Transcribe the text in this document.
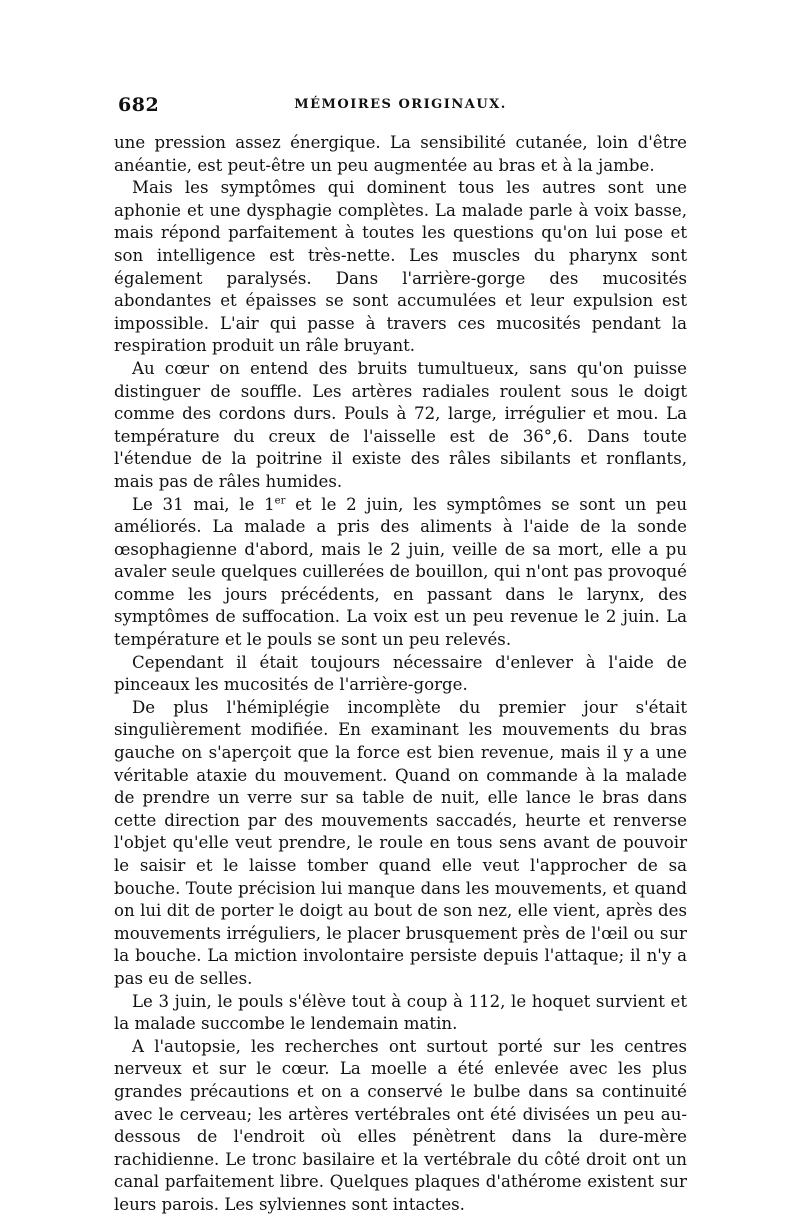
682	MÉMOIRES ORIGINAUX.

une pression assez énergique. La sensibilité cutanée, loin d'être anéantie, est peut-être un peu augmentée au bras et à la jambe.

Mais les symptômes qui dominent tous les autres sont une aphonie et une dysphagie complètes. La malade parle à voix basse, mais répond parfaitement à toutes les questions qu'on lui pose et son intelligence est très-nette. Les muscles du pharynx sont également paralysés. Dans l'arrière-gorge des mucosités abondantes et épaisses se sont accumulées et leur expulsion est impossible. L'air qui passe à travers ces mucosités pendant la respiration produit un râle bruyant.

Au cœur on entend des bruits tumultueux, sans qu'on puisse distinguer de souffle. Les artères radiales roulent sous le doigt comme des cordons durs. Pouls à 72, large, irrégulier et mou. La température du creux de l'aisselle est de 36°,6. Dans toute l'étendue de la poitrine il existe des râles sibilants et ronflants, mais pas de râles humides.

Le 31 mai, le 1er et le 2 juin, les symptômes se sont un peu améliorés. La malade a pris des aliments à l'aide de la sonde œsophagienne d'abord, mais le 2 juin, veille de sa mort, elle a pu avaler seule quelques cuillerées de bouillon, qui n'ont pas provoqué comme les jours précédents, en passant dans le larynx, des symptômes de suffocation. La voix est un peu revenue le 2 juin. La température et le pouls se sont un peu relevés.

Cependant il était toujours nécessaire d'enlever à l'aide de pinceaux les mucosités de l'arrière-gorge.

De plus l'hémiplégie incomplète du premier jour s'était singulièrement modifiée. En examinant les mouvements du bras gauche on s'aperçoit que la force est bien revenue, mais il y a une véritable ataxie du mouvement. Quand on commande à la malade de prendre un verre sur sa table de nuit, elle lance le bras dans cette direction par des mouvements saccadés, heurte et renverse l'objet qu'elle veut prendre, le roule en tous sens avant de pouvoir le saisir et le laisse tomber quand elle veut l'approcher de sa bouche. Toute précision lui manque dans les mouvements, et quand on lui dit de porter le doigt au bout de son nez, elle vient, après des mouvements irréguliers, le placer brusquement près de l'œil ou sur la bouche. La miction involontaire persiste depuis l'attaque; il n'y a pas eu de selles.

Le 3 juin, le pouls s'élève tout à coup à 112, le hoquet survient et la malade succombe le lendemain matin.

A l'autopsie, les recherches ont surtout porté sur les centres nerveux et sur le cœur. La moelle a été enlevée avec les plus grandes précautions et on a conservé le bulbe dans sa continuité avec le cerveau; les artères vertébrales ont été divisées un peu au-dessous de l'endroit où elles pénètrent dans la dure-mère rachidienne. Le tronc basilaire et la vertébrale du côté droit ont un canal parfaitement libre. Quelques plaques d'athérome existent sur leurs parois. Les sylviennes sont intactes.
